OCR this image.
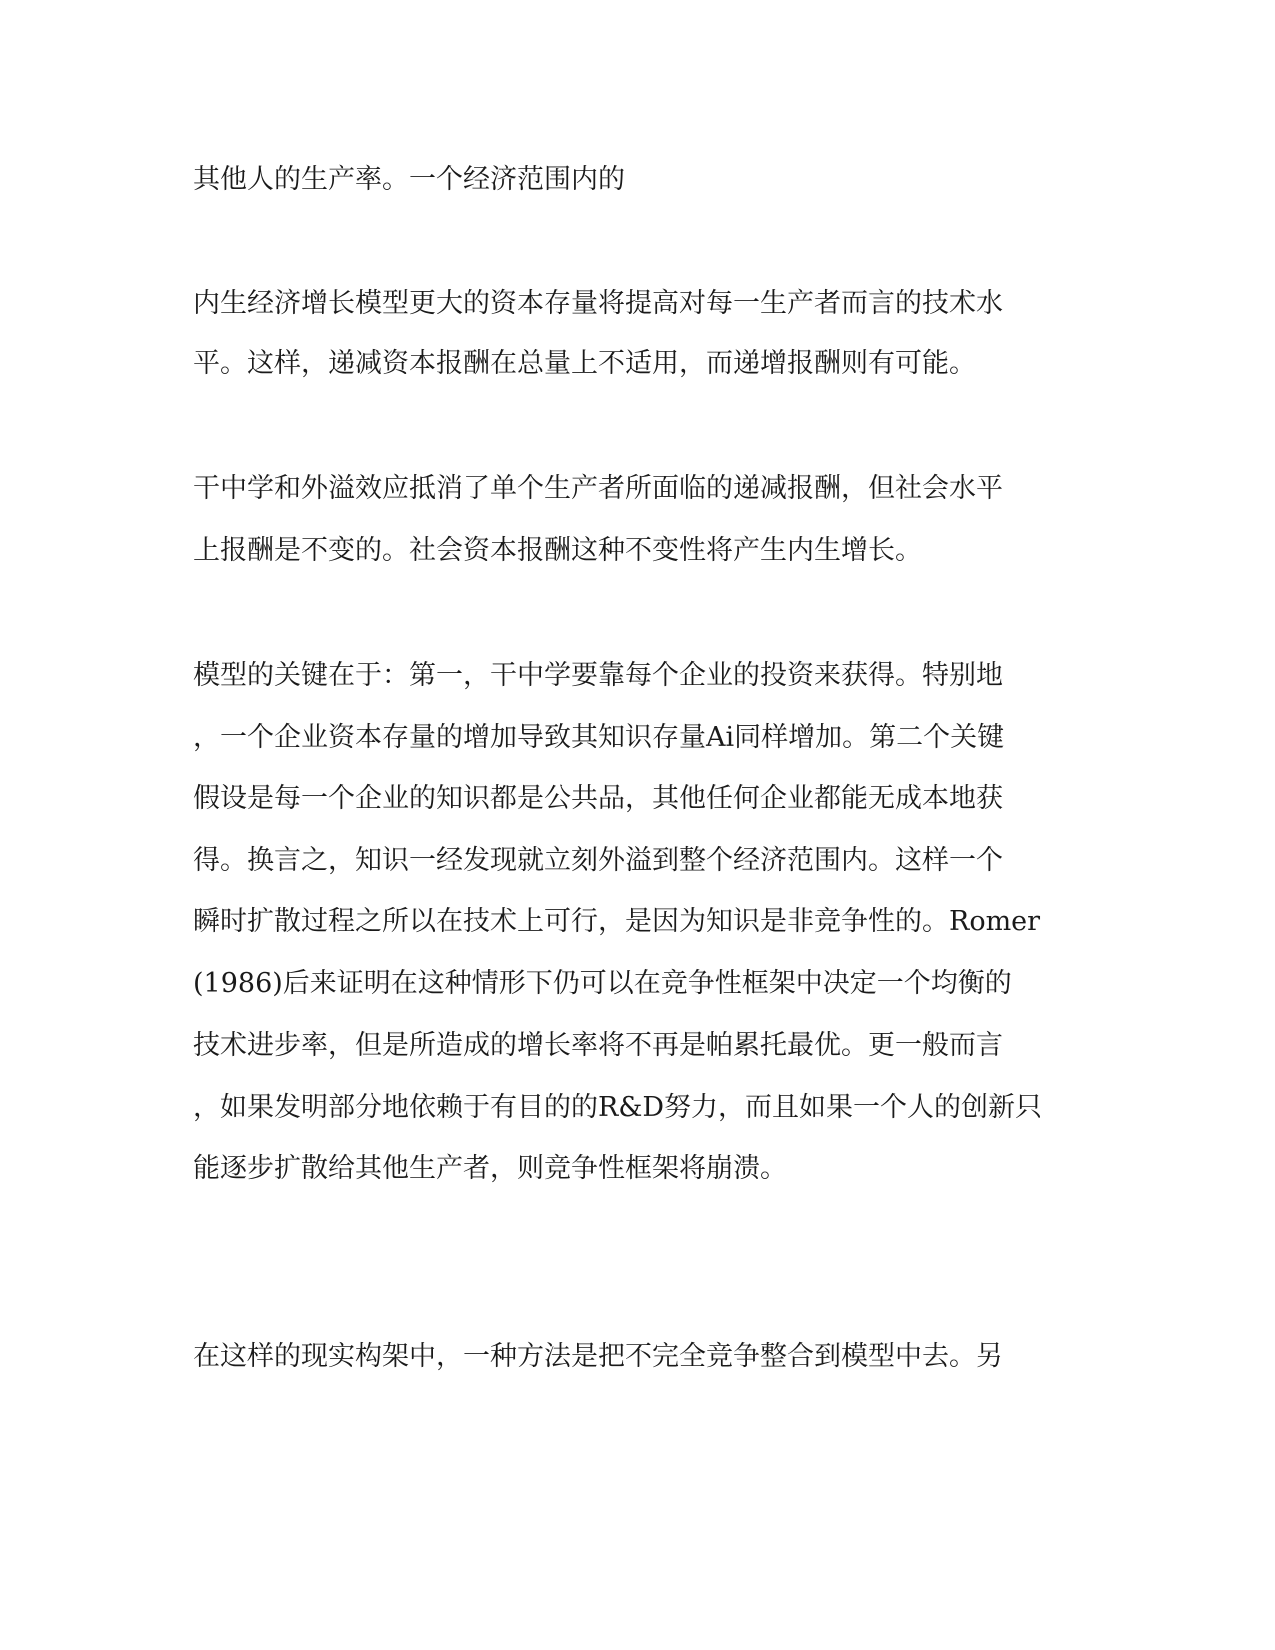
其他人的生产率。一个经济范围内的
内生经济增长模型更大的资本存量将提高对每一生产者而言的技术水
平。这样，递减资本报酬在总量上不适用，而递增报酬则有可能。
干中学和外溢效应抵消了单个生产者所面临的递减报酬，但社会水平
上报酬是不变的。社会资本报酬这种不变性将产生内生增长。
模型的关键在于：第一，干中学要靠每个企业的投资来获得。特别地
，一个企业资本存量的增加导致其知识存量Ai同样增加。第二个关键
假设是每一个企业的知识都是公共品，其他任何企业都能无成本地获
得。换言之，知识一经发现就立刻外溢到整个经济范围内。这样一个
瞬时扩散过程之所以在技术上可行，是因为知识是非竞争性的。Romer
(1986)后来证明在这种情形下仍可以在竞争性框架中决定一个均衡的
技术进步率，但是所造成的增长率将不再是帕累托最优。更一般而言
，如果发明部分地依赖于有目的的R&D努力，而且如果一个人的创新只
能逐步扩散给其他生产者，则竞争性框架将崩溃。
在这样的现实构架中，一种方法是把不完全竞争整合到模型中去。另
